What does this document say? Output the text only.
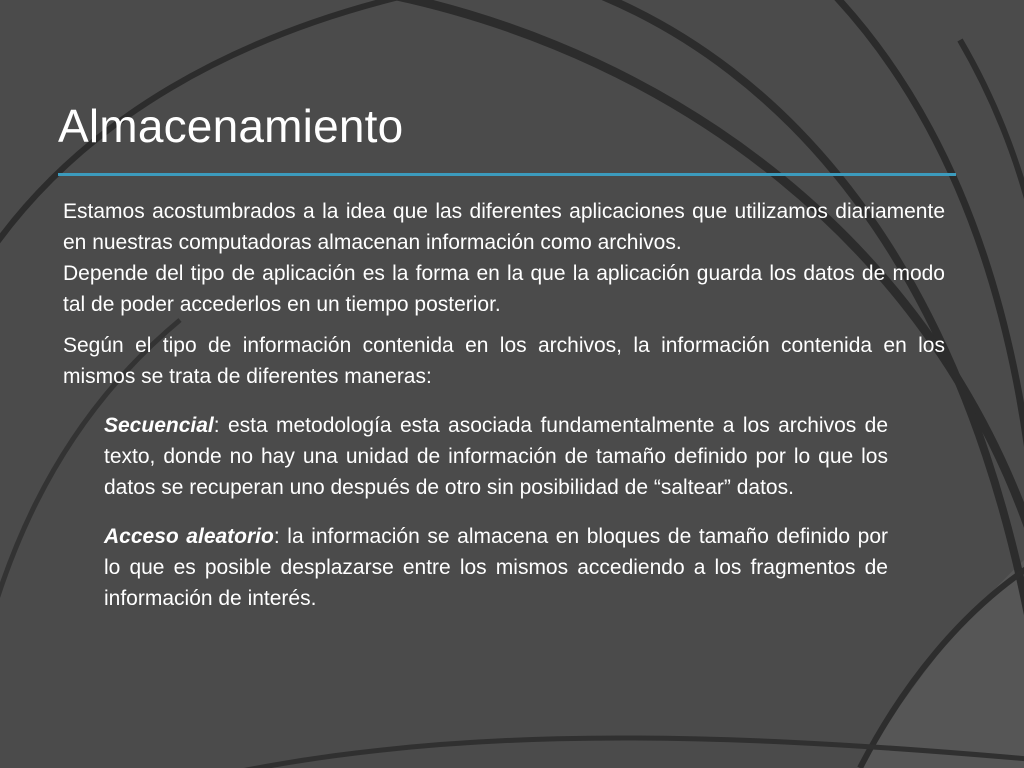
Almacenamiento

Estamos acostumbrados a la idea que las diferentes aplicaciones que utilizamos diariamente en nuestras computadoras almacenan información como archivos.

Depende del tipo de aplicación es la forma en la que la aplicación guarda los datos de modo tal de poder accederlos en un tiempo posterior.

Según el tipo de información contenida en los archivos, la información contenida en los mismos se trata de diferentes maneras:

Secuencial: esta metodología esta asociada fundamentalmente a los archivos de texto, donde no hay una unidad de información de tamaño definido por lo que los datos se recuperan uno después de otro sin posibilidad de “saltear” datos.

Acceso aleatorio: la información se almacena en bloques de tamaño definido por lo que es posible desplazarse entre los mismos accediendo a los fragmentos de información de interés.
